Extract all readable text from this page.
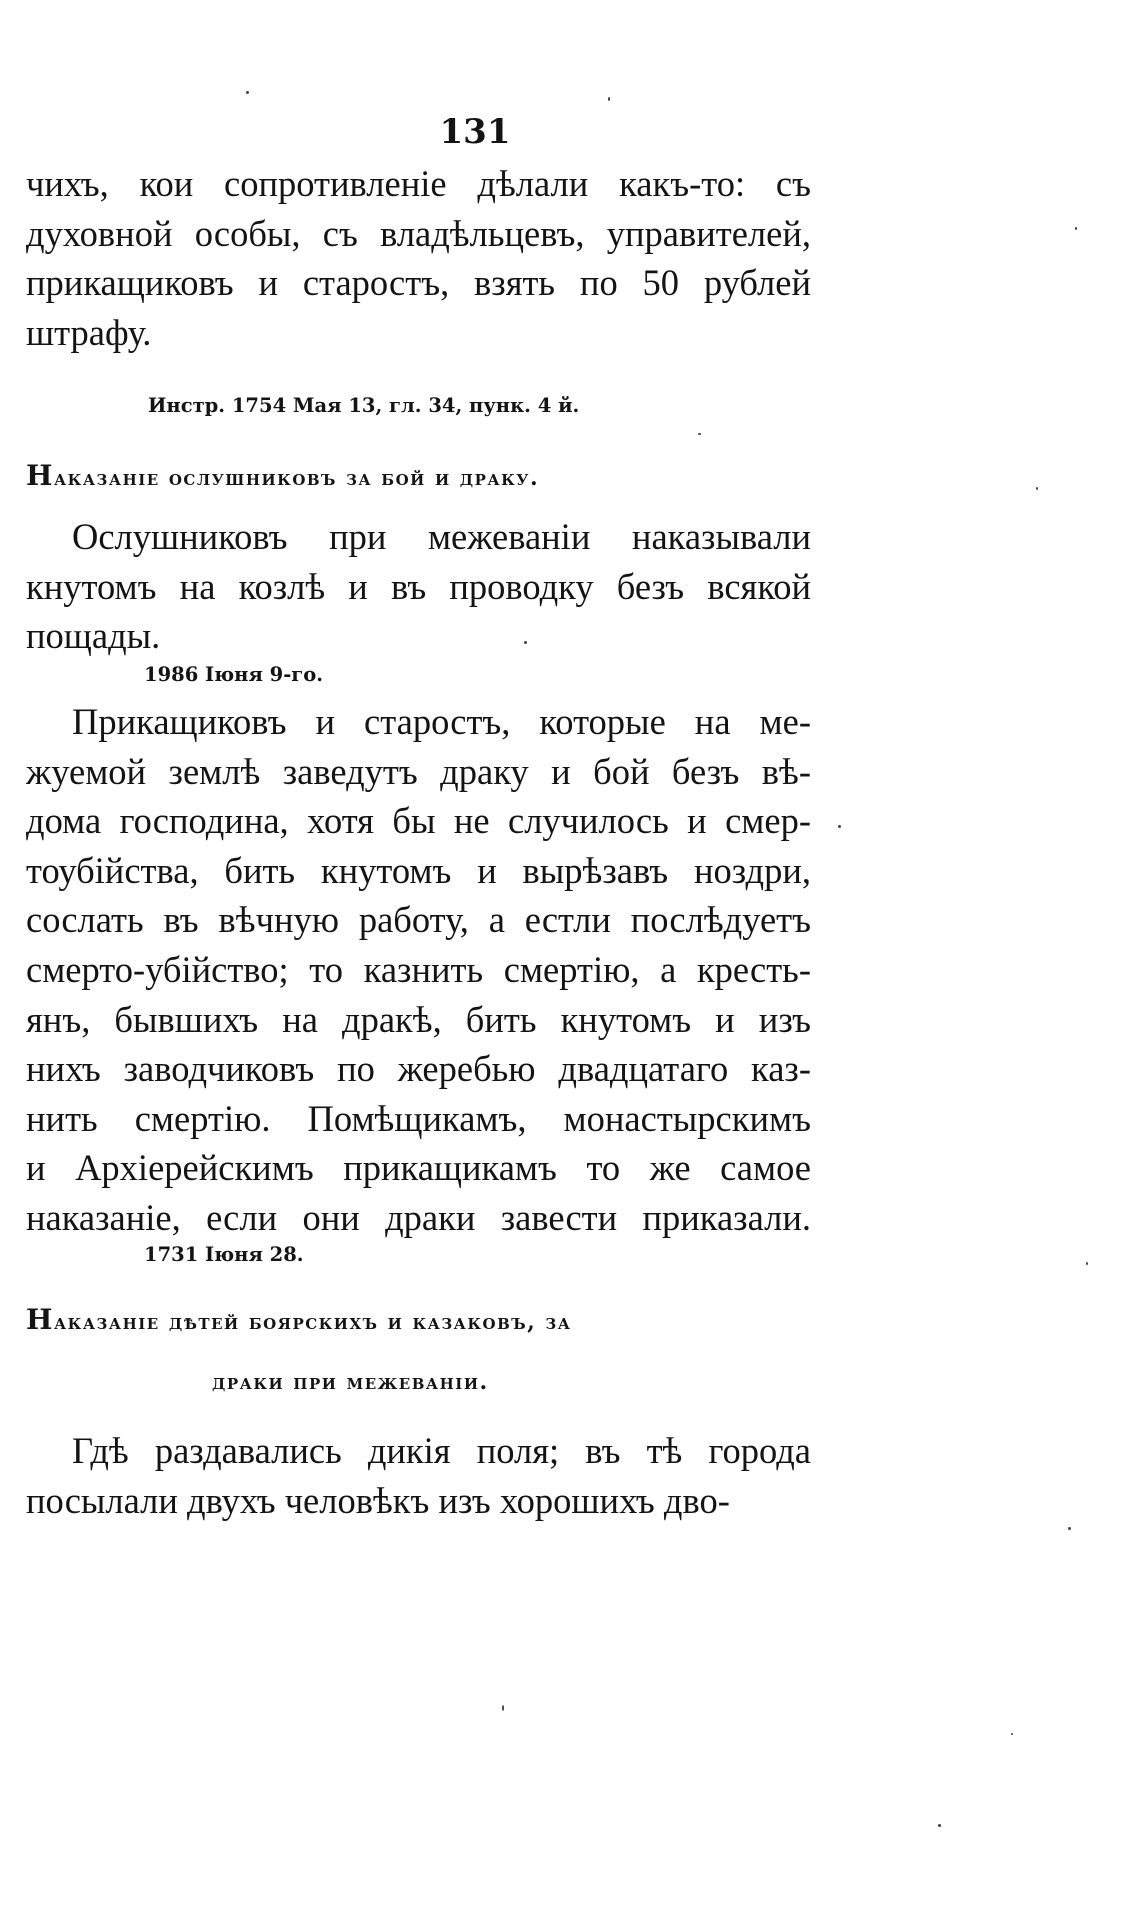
131
чихъ, кои сопротивленіе дѣлали какъ-то: съ
духовной особы, съ владѣльцевъ, управителей,
прикащиковъ и старостъ, взять по 50 рублей
штрафу.
Инстр. 1754 Мая 13, гл. 34, пунк. 4 й.
Наказаніе ослушниковъ за бой и драку.
Ослушниковъ при межеваніи наказывали
кнутомъ на козлѣ и въ проводку безъ всякой
пощады.
1986 Іюня 9-го.
Прикащиковъ и старостъ, которые на ме-
жуемой землѣ заведутъ драку и бой безъ вѣ-
дома господина, хотя бы не случилось и смер-
тоубійства, бить кнутомъ и вырѣзавъ ноздри,
сослать въ вѣчную работу, а естли послѣдуетъ
смерто-убійство; то казнить смертію, а кресть-
янъ, бывшихъ на дракѣ, бить кнутомъ и изъ
нихъ заводчиковъ по жеребью двадцатаго каз-
нить смертію. Помѣщикамъ, монастырскимъ
и Архіерейскимъ прикащикамъ то же самое
наказаніе, если они драки завести приказали.
1731 Іюня 28.
Наказаніе дѣтей боярскихъ и казаковъ, за
драки при межеваніи.
Гдѣ раздавались дикія поля; въ тѣ города
посылали двухъ человѣкъ изъ хорошихъ дво-
